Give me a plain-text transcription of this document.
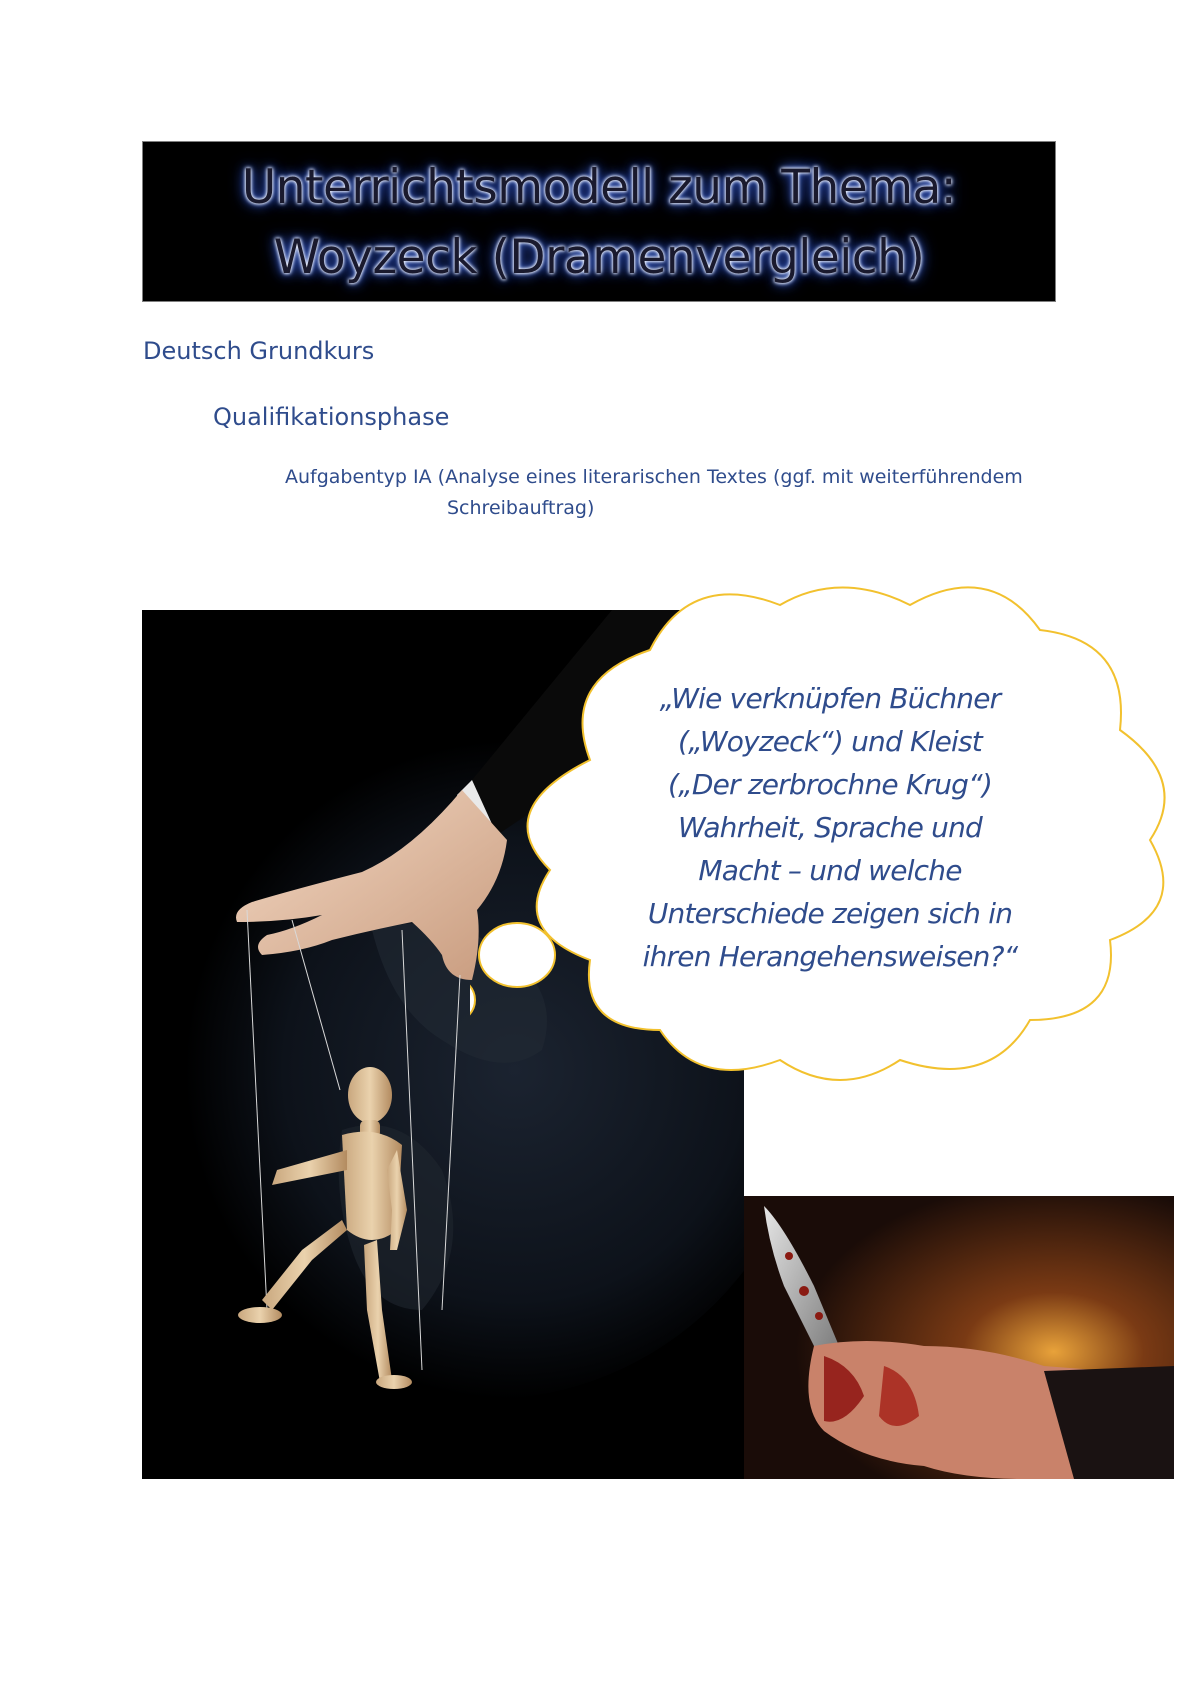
Unterrichtsmodell zum Thema:
Woyzeck (Dramenvergleich)
Deutsch Grundkurs
Qualifikationsphase
Aufgabentyp IA (Analyse eines literarischen Textes (ggf. mit weiterführendem
Schreibauftrag)
„Wie verknüpfen Büchner
(„Woyzeck“) und Kleist
(„Der zerbrochne Krug“)
Wahrheit, Sprache und
Macht – und welche
Unterschiede zeigen sich in
ihren Herangehensweisen?“
